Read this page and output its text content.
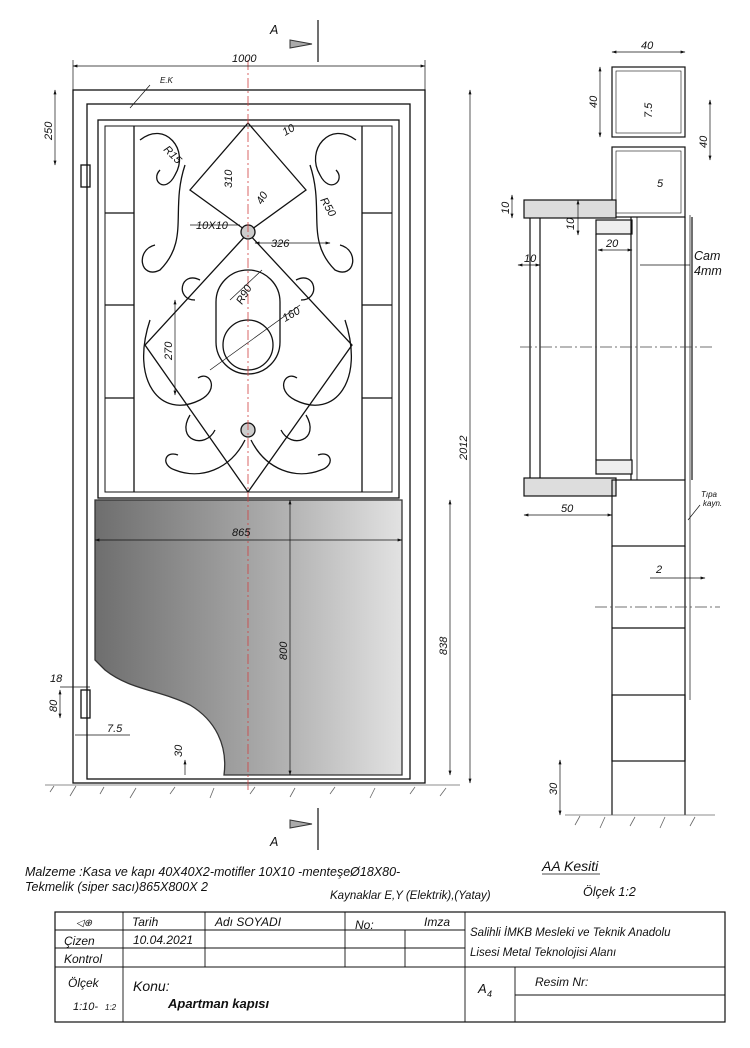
A
A
1000
250
E.K
R15
10
310
40
10X10
R50
326
R90
160
270
2012
865
800	838
18
80
7.5
30
40
40
7.5
40
5
10
10
20
10	Cam
4mm
50
Tıpa
kayn.
2
30
Malzeme :Kasa ve kapı 40X40X2-motifler 10X10 -menteşeØ18X80-
Tekmelik (siper sacı)865X800X 2
Kaynaklar E,Y (Elektrik),(Yatay)
AA Kesiti
Ölçek 1:2
◁⊕	Tarih	Adı SOYADI	No:	Imza
Çizen	10.04.2021
Kontrol
Salihli İMKB Mesleki ve Teknik Anadolu
Lisesi Metal Teknolojisi Alanı
Ölçek
1:10- 1:2
Konu:
Apartman kapısı
A 4
Resim Nr:
